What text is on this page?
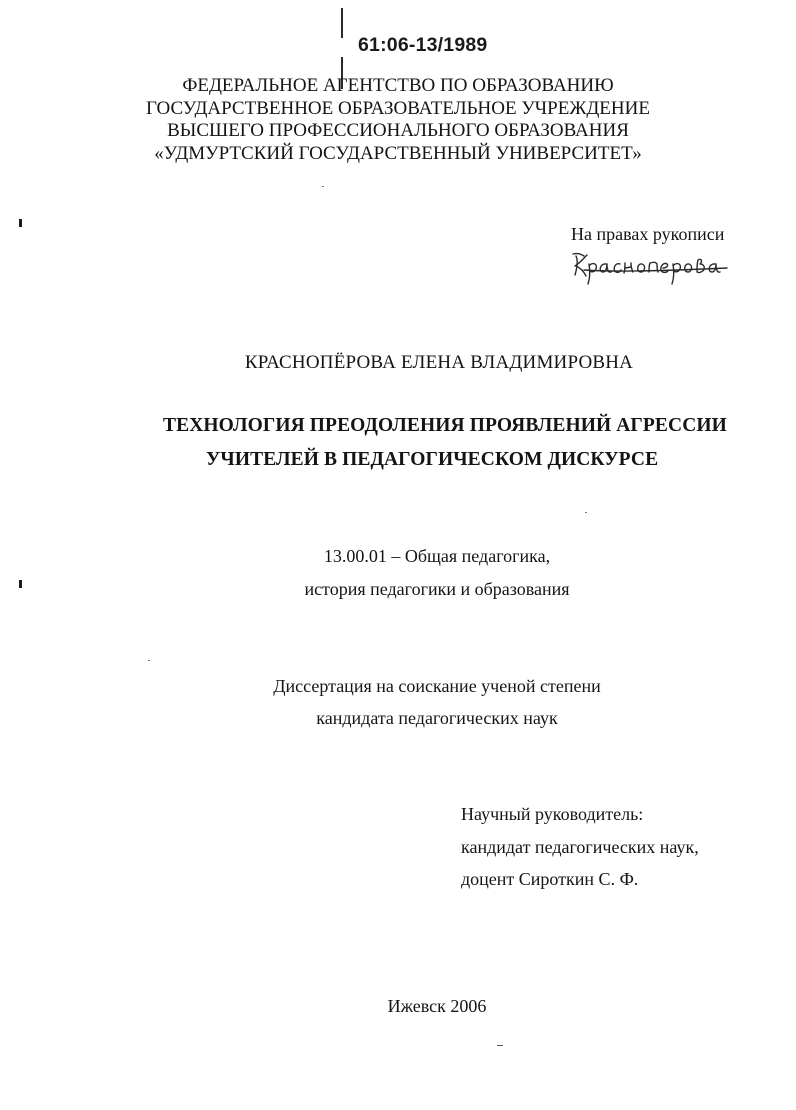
61:06-13/1989
ФЕДЕРАЛЬНОЕ АГЕНТСТВО ПО ОБРАЗОВАНИЮ
ГОСУДАРСТВЕННОЕ ОБРАЗОВАТЕЛЬНОЕ УЧРЕЖДЕНИЕ
ВЫСШЕГО ПРОФЕССИОНАЛЬНОГО ОБРАЗОВАНИЯ
«УДМУРТСКИЙ ГОСУДАРСТВЕННЫЙ УНИВЕРСИТЕТ»
На правах рукописи
КРАСНОПЁРОВА ЕЛЕНА ВЛАДИМИРОВНА
ТЕХНОЛОГИЯ ПРЕОДОЛЕНИЯ ПРОЯВЛЕНИЙ АГРЕССИИ
УЧИТЕЛЕЙ В ПЕДАГОГИЧЕСКОМ ДИСКУРСЕ
13.00.01 – Общая педагогика,
история педагогики и образования
Диссертация на соискание ученой степени
кандидата педагогических наук
Научный руководитель:
кандидат педагогических наук,
доцент Сироткин С. Ф.
Ижевск 2006
